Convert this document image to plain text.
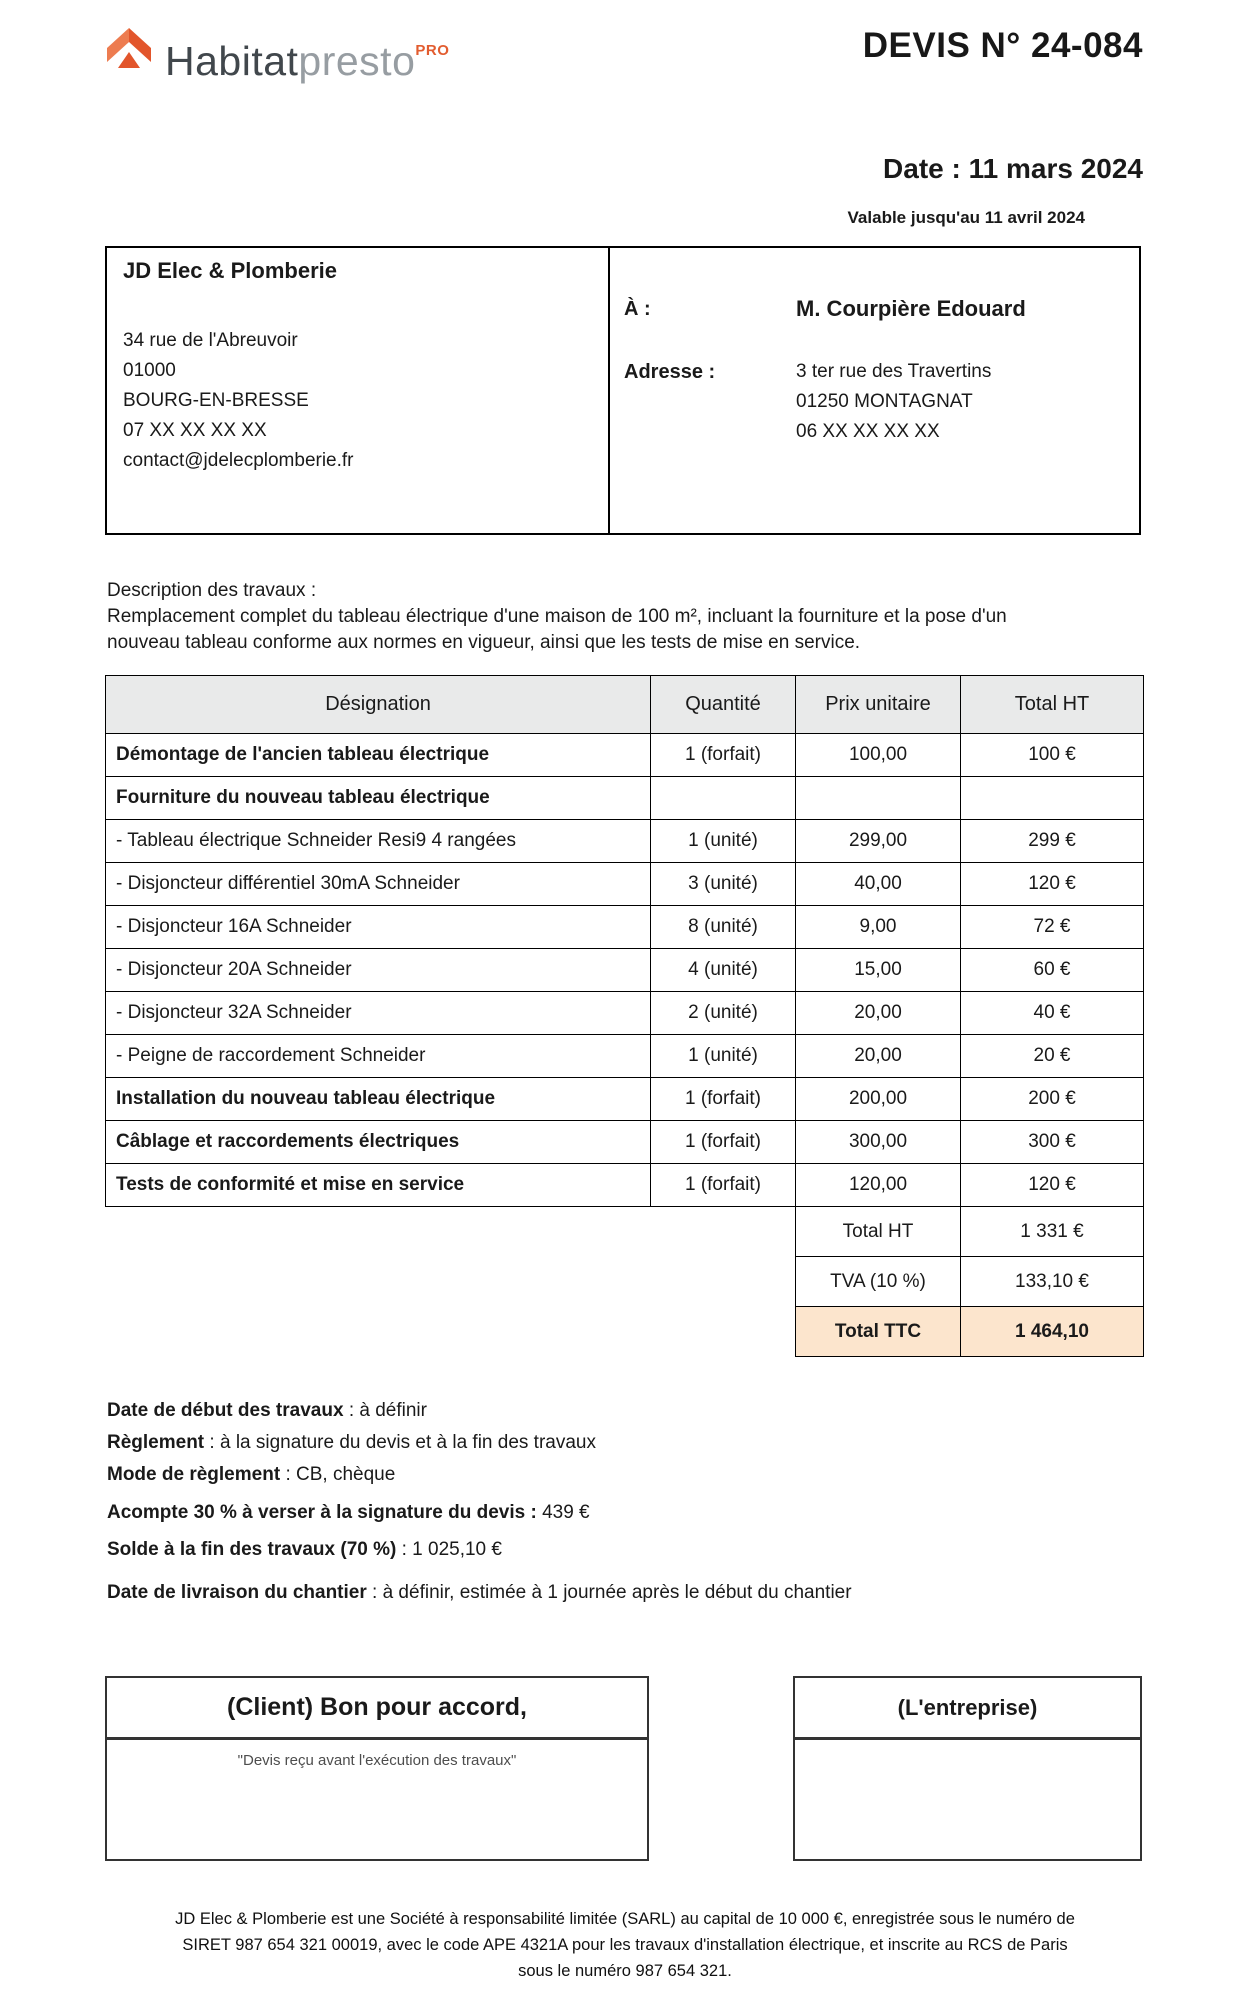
Habitatpresto$^{PRO}$	DEVIS N° 24-084
Date : 11 mars 2024
Valable jusqu'au 11 avril 2024
JD Elec & Plomberie
34 rue de l'Abreuvoir
01000
BOURG-EN-BRESSE
07 XX XX XX XX
contact@jdelecplomberie.fr
À :	M. Courpière Edouard
Adresse :	3 ter rue des Travertins
01250 MONTAGNAT
06 XX XX XX XX
Description des travaux :
Remplacement complet du tableau électrique d'une maison de 100 m², incluant la fourniture et la pose d'un
nouveau tableau conforme aux normes en vigueur, ainsi que les tests de mise en service.
Désignation	Quantité	Prix unitaire	Total HT
Démontage de l'ancien tableau électrique	1 (forfait)	100,00	100 €
Fourniture du nouveau tableau électrique			
- Tableau électrique Schneider Resi9 4 rangées	1 (unité)	299,00	299 €
- Disjoncteur différentiel 30mA Schneider	3 (unité)	40,00	120 €
- Disjoncteur 16A Schneider	8 (unité)	9,00	72 €
- Disjoncteur 20A Schneider	4 (unité)	15,00	60 €
- Disjoncteur 32A Schneider	2 (unité)	20,00	40 €
- Peigne de raccordement Schneider	1 (unité)	20,00	20 €
Installation du nouveau tableau électrique	1 (forfait)	200,00	200 €
Câblage et raccordements électriques	1 (forfait)	300,00	300 €
Tests de conformité et mise en service	1 (forfait)	120,00	120 €
Total HT	1 331 €
TVA (10 %)	133,10 €
Total TTC	1 464,10
Date de début des travaux : à définir
Règlement : à la signature du devis et à la fin des travaux
Mode de règlement : CB, chèque
Acompte 30 % à verser à la signature du devis : 439 €
Solde à la fin des travaux (70 %) : 1 025,10 €
Date de livraison du chantier : à définir, estimée à 1 journée après le début du chantier
(Client) Bon pour accord,
"Devis reçu avant l'exécution des travaux"
(L'entreprise)
JD Elec & Plomberie est une Société à responsabilité limitée (SARL) au capital de 10 000 €, enregistrée sous le numéro de
SIRET 987 654 321 00019, avec le code APE 4321A pour les travaux d'installation électrique, et inscrite au RCS de Paris
sous le numéro 987 654 321.
